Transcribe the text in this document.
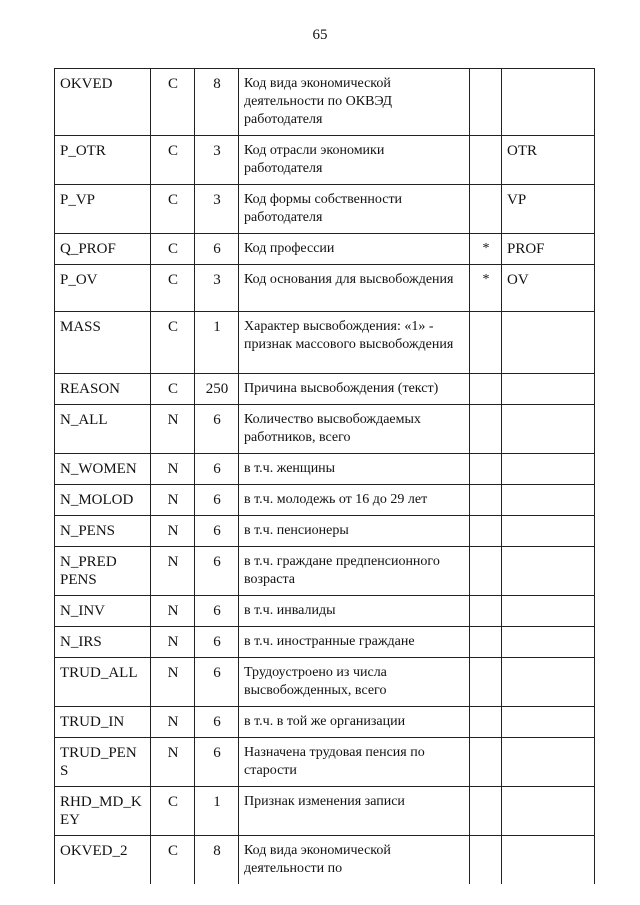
65
OKVED	C	8	Код вида экономической деятельности по ОКВЭД работодателя		
P_OTR	C	3	Код отрасли экономики работодателя		OTR
P_VP	C	3	Код формы собственности работодателя		VP
Q_PROF	C	6	Код профессии	*	PROF
P_OV	C	3	Код основания для высвобождения	*	OV
MASS	C	1	Характер высвобождения: «1» - признак массового высвобождения		
REASON	C	250	Причина высвобождения (текст)		
N_ALL	N	6	Количество высвобождаемых работников, всего		
N_WOMEN	N	6	в т.ч. женщины		
N_MOLOD	N	6	в т.ч. молодежь от 16 до 29 лет		
N_PENS	N	6	в т.ч. пенсионеры		
N_PRED PENS	N	6	в т.ч. граждане предпенсионного возраста		
N_INV	N	6	в т.ч. инвалиды		
N_IRS	N	6	в т.ч. иностранные граждане		
TRUD_ALL	N	6	Трудоустроено из числа высвобожденных, всего		
TRUD_IN	N	6	в т.ч. в той же организации		
TRUD_PEN S	N	6	Назначена трудовая пенсия по старости		
RHD_MD_K EY	C	1	Признак изменения записи		
OKVED_2	C	8	Код вида экономической деятельности по		
